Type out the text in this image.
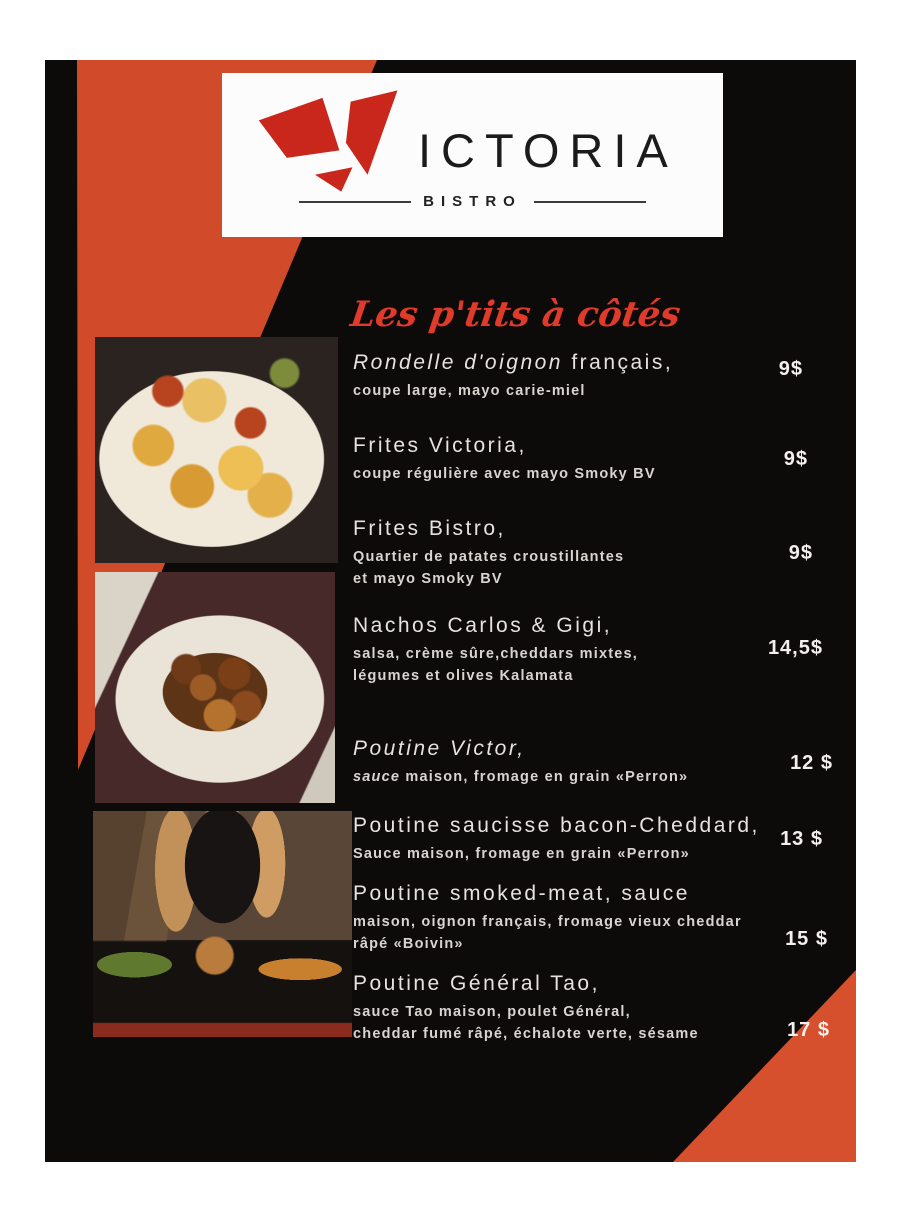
ICTORIA
BISTRO
Les p'tits à côtés
Rondelle d'oignon français,
coupe large, mayo carie-miel
9$
Frites Victoria,
coupe régulière avec mayo Smoky BV
9$
Frites Bistro,
Quartier de patates croustillantes
et mayo Smoky BV
9$
Nachos Carlos & Gigi,
salsa, crème sûre,cheddars mixtes,
légumes et olives Kalamata
14,5$
Poutine Victor,
sauce maison, fromage en grain «Perron»
12 $
Poutine saucisse bacon-Cheddard,
Sauce maison, fromage en grain «Perron»
13 $
Poutine smoked-meat, sauce
maison, oignon français, fromage vieux cheddar
râpé «Boivin»	15 $
Poutine Général Tao,
sauce Tao maison, poulet Général,
cheddar fumé râpé, échalote verte, sésame	17 $
